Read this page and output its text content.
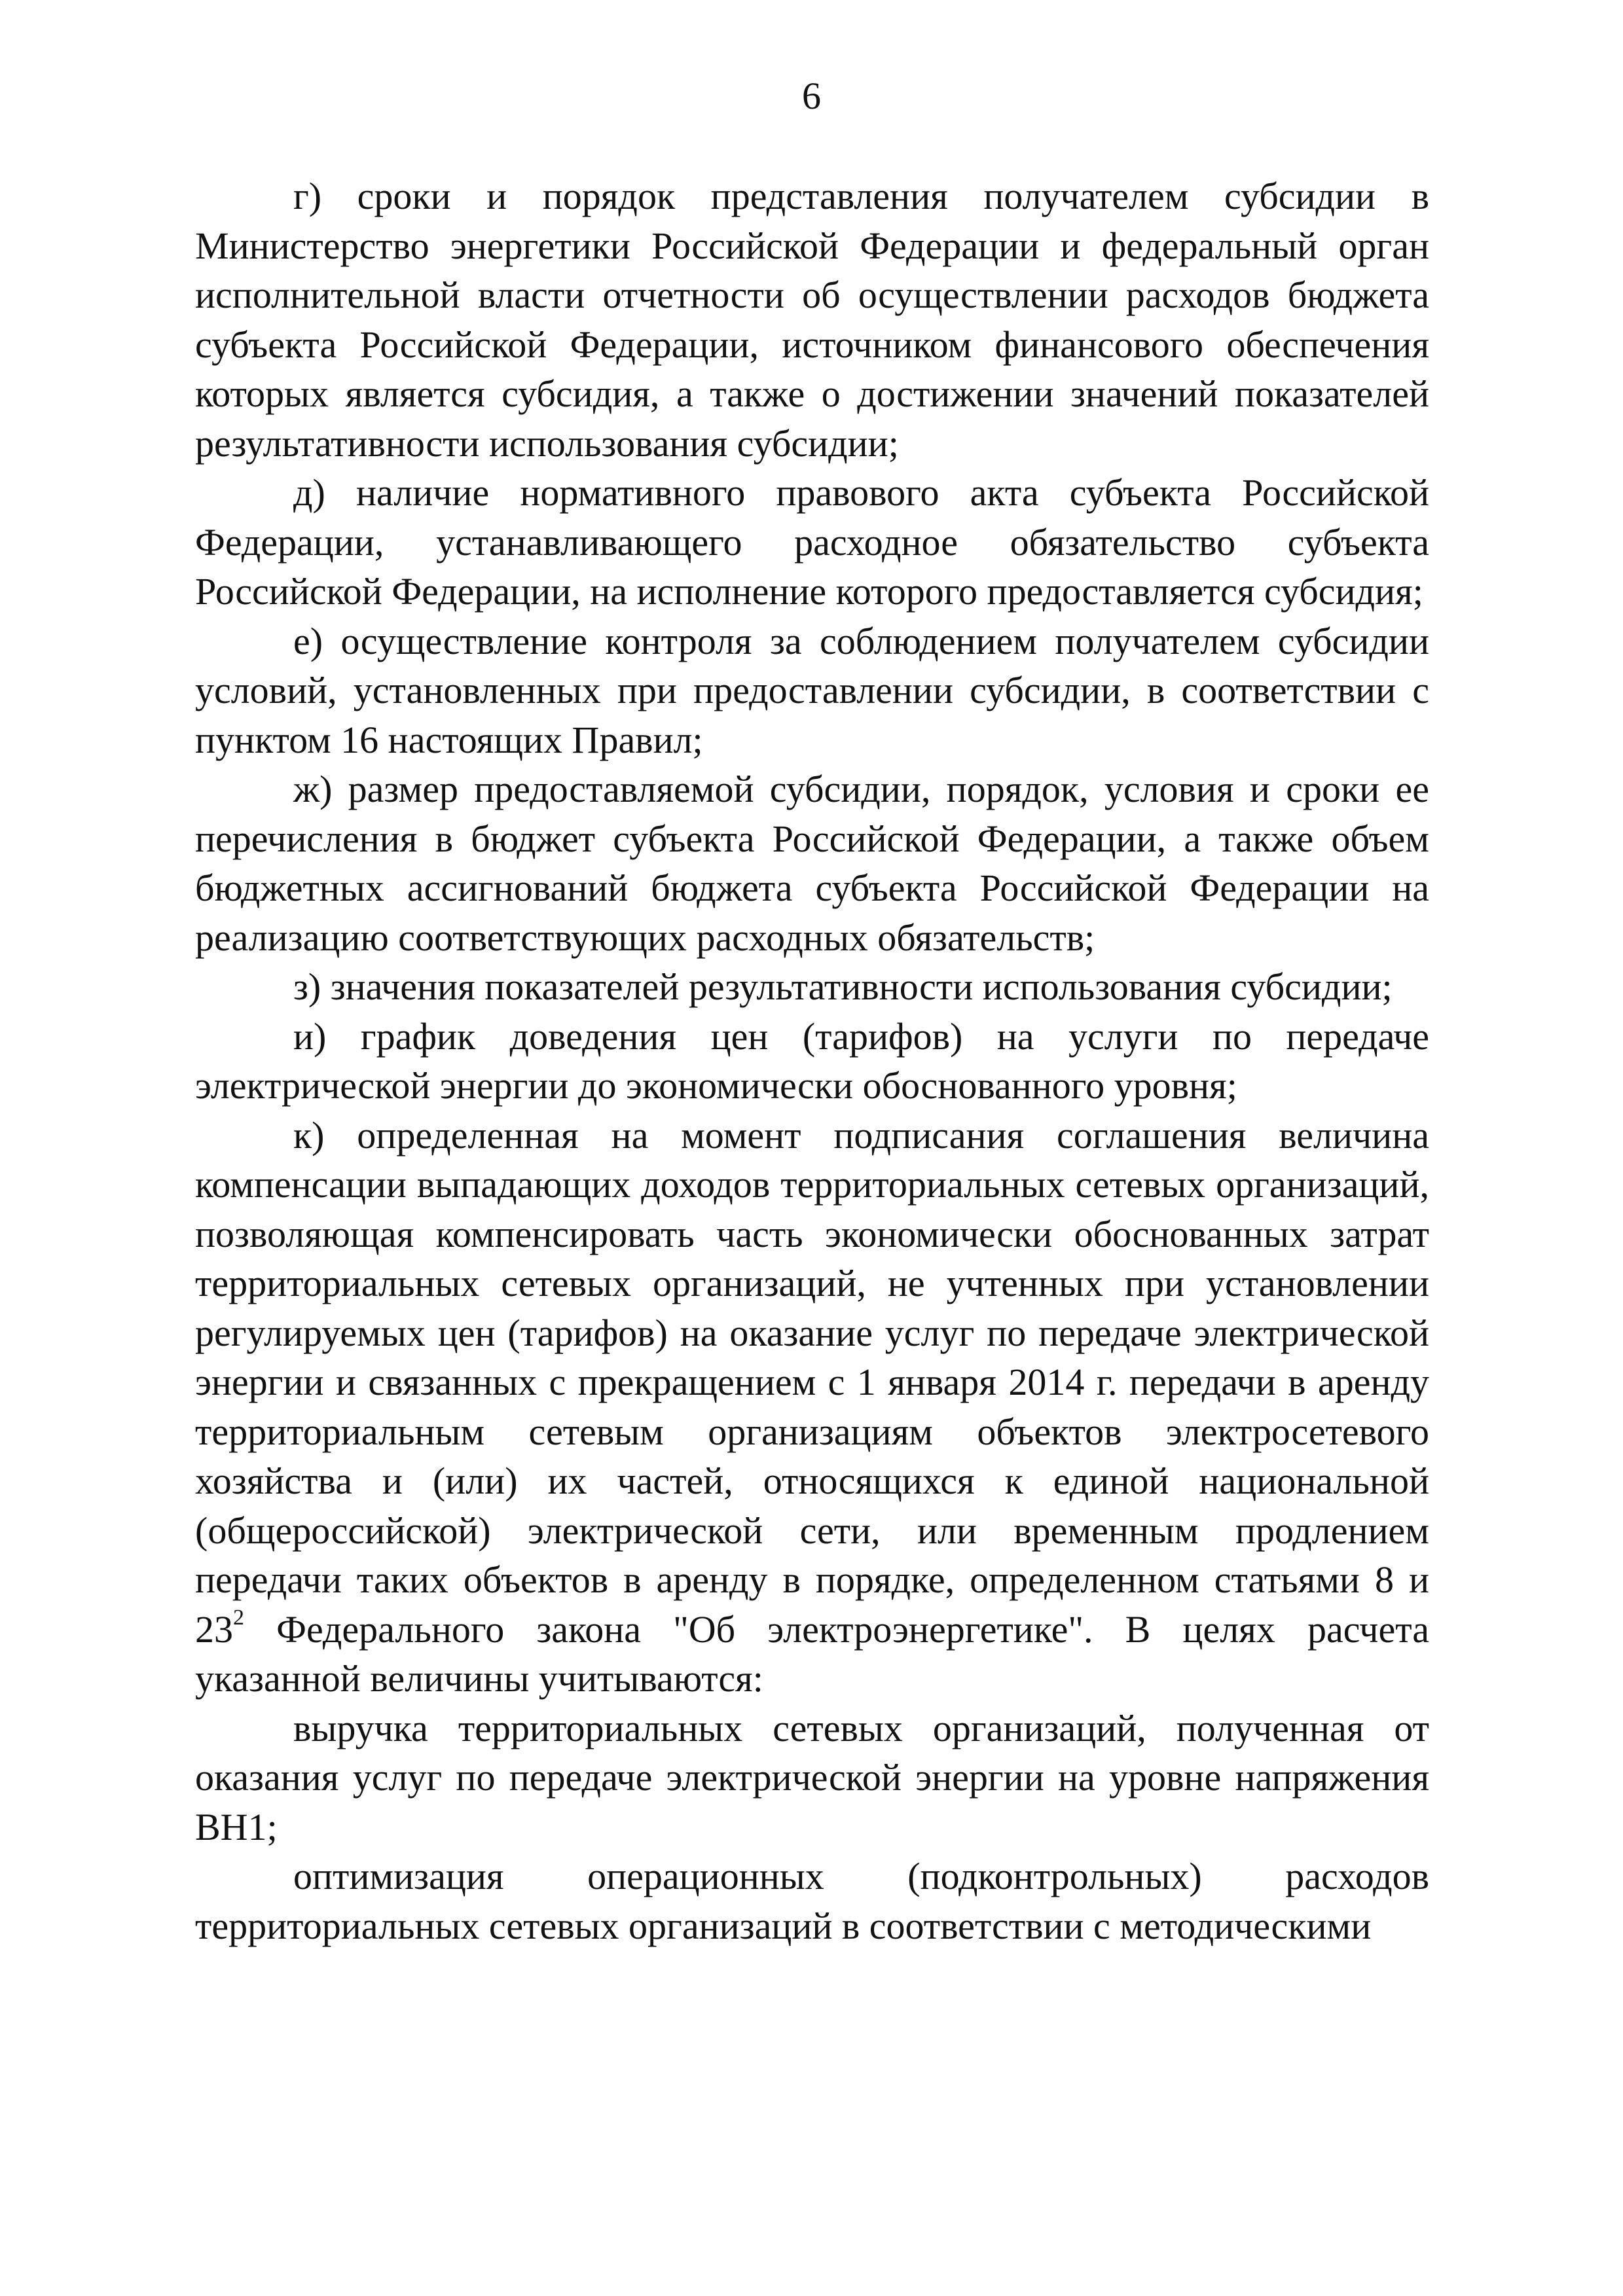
6

г) сроки и порядок представления получателем субсидии в Министерство энергетики Российской Федерации и федеральный орган исполнительной власти отчетности об осуществлении расходов бюджета субъекта Российской Федерации, источником финансового обеспечения которых является субсидия, а также о достижении значений показателей результативности использования субсидии;

д) наличие нормативного правового акта субъекта Российской Федерации, устанавливающего расходное обязательство субъекта Российской Федерации, на исполнение которого предоставляется субсидия;

е) осуществление контроля за соблюдением получателем субсидии условий, установленных при предоставлении субсидии, в соответствии с пунктом 16 настоящих Правил;

ж) размер предоставляемой субсидии, порядок, условия и сроки ее перечисления в бюджет субъекта Российской Федерации, а также объем бюджетных ассигнований бюджета субъекта Российской Федерации на реализацию соответствующих расходных обязательств;

з) значения показателей результативности использования субсидии;

и) график доведения цен (тарифов) на услуги по передаче электрической энергии до экономически обоснованного уровня;

к) определенная на момент подписания соглашения величина компенсации выпадающих доходов территориальных сетевых организаций, позволяющая компенсировать часть экономически обоснованных затрат территориальных сетевых организаций, не учтенных при установлении регулируемых цен (тарифов) на оказание услуг по передаче электрической энергии и связанных с прекращением с 1 января 2014 г. передачи в аренду территориальным сетевым организациям объектов электросетевого хозяйства и (или) их частей, относящихся к единой национальной (общероссийской) электрической сети, или временным продлением передачи таких объектов в аренду в порядке, определенном статьями 8 и $23^2$ Федерального закона "Об электроэнергетике". В целях расчета указанной величины учитываются:

выручка территориальных сетевых организаций, полученная от оказания услуг по передаче электрической энергии на уровне напряжения ВН1;

оптимизация операционных (подконтрольных) расходов территориальных сетевых организаций в соответствии с методическими
